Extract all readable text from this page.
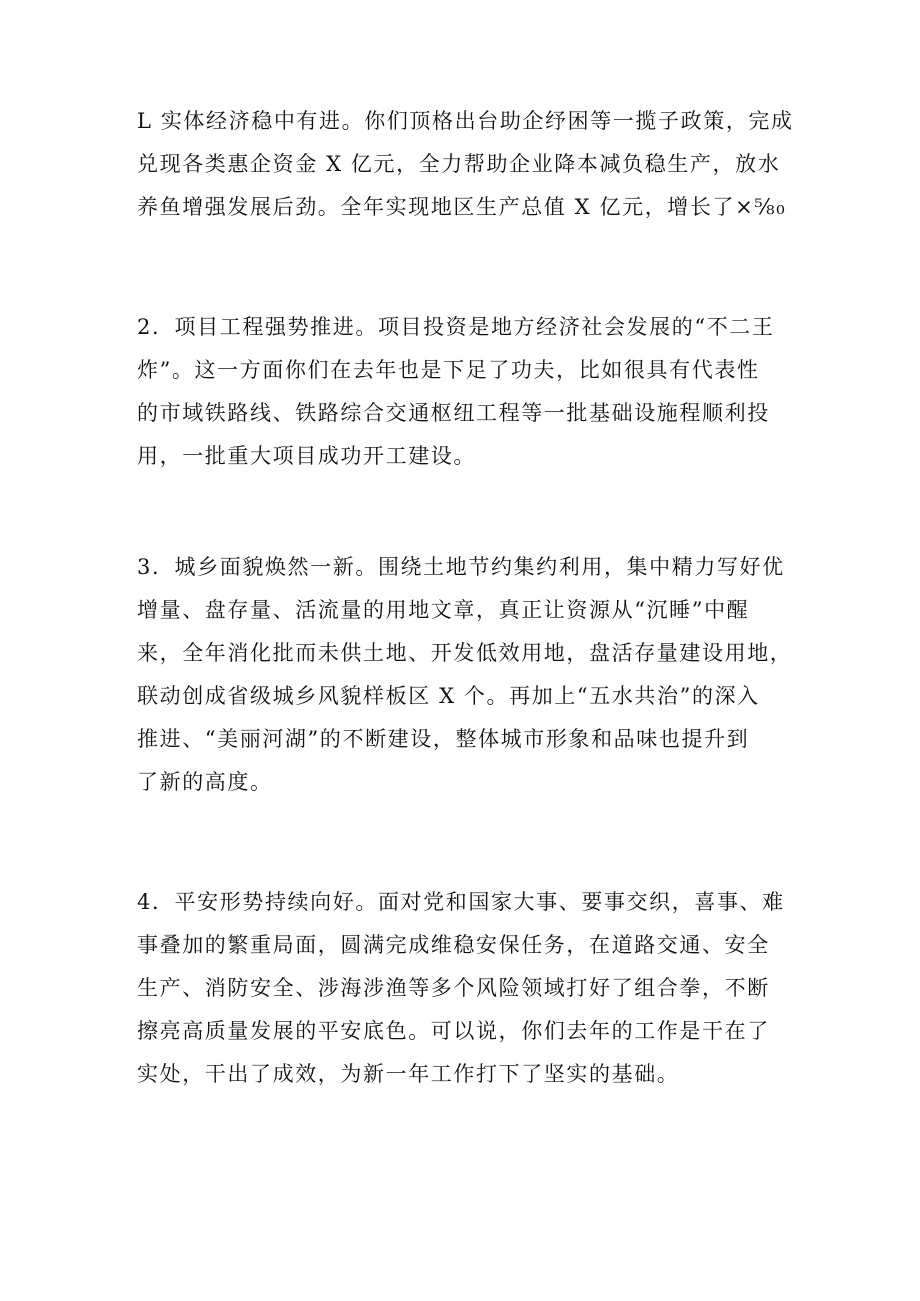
L 实体经济稳中有进。你们顶格出台助企纾困等一揽子政策，完成
兑现各类惠企资金 X 亿元，全力帮助企业降本减负稳生产，放水
养鱼增强发展后劲。全年实现地区生产总值 X 亿元，增长了×⅝₀

2．项目工程强势推进。项目投资是地方经济社会发展的“不二王
炸”。这一方面你们在去年也是下足了功夫，比如很具有代表性
的市域铁路线、铁路综合交通枢纽工程等一批基础设施程顺利投
用，一批重大项目成功开工建设。

3．城乡面貌焕然一新。围绕土地节约集约利用，集中精力写好优
增量、盘存量、活流量的用地文章，真正让资源从“沉睡”中醒
来，全年消化批而未供土地、开发低效用地，盘活存量建设用地，
联动创成省级城乡风貌样板区 X 个。再加上“五水共治”的深入
推进、“美丽河湖”的不断建设，整体城市形象和品味也提升到
了新的高度。

4．平安形势持续向好。面对党和国家大事、要事交织，喜事、难
事叠加的繁重局面，圆满完成维稳安保任务，在道路交通、安全
生产、消防安全、涉海涉渔等多个风险领域打好了组合拳，不断
擦亮高质量发展的平安底色。可以说，你们去年的工作是干在了
实处，干出了成效，为新一年工作打下了坚实的基础。
